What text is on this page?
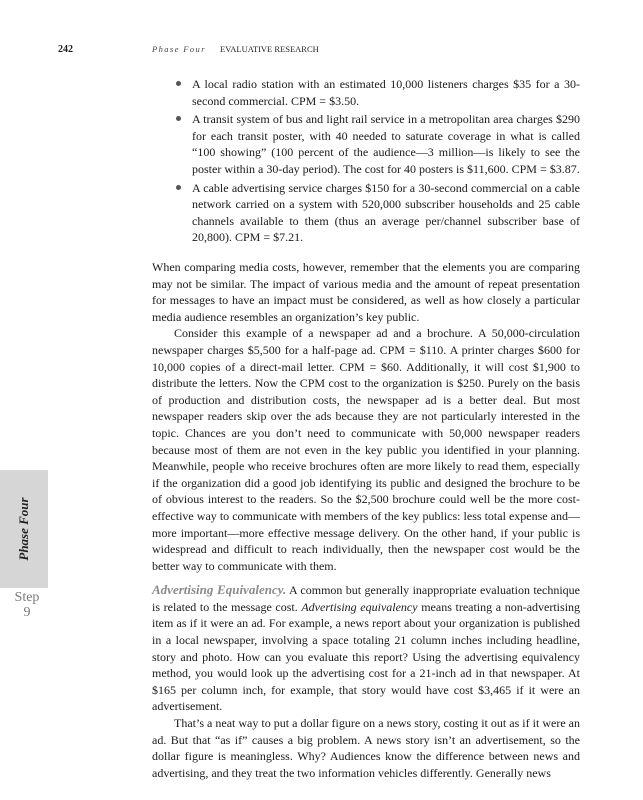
242	Phase Four EVALUATIVE RESEARCH
A local radio station with an estimated 10,000 listeners charges $35 for a 30-second commercial. CPM = $3.50.
A transit system of bus and light rail service in a metropolitan area charges $290 for each transit poster, with 40 needed to saturate coverage in what is called “100 showing” (100 percent of the audience—3 million—is likely to see the poster within a 30-day period). The cost for 40 posters is $11,600. CPM = $3.87.
A cable advertising service charges $150 for a 30-second commercial on a cable network carried on a system with 520,000 subscriber households and 25 cable channels available to them (thus an average per/channel subscriber base of 20,800). CPM = $7.21.

When comparing media costs, however, remember that the elements you are comparing may not be similar. The impact of various media and the amount of repeat presentation for messages to have an impact must be considered, as well as how closely a particular media audience resembles an organization’s key public.

Consider this example of a newspaper ad and a brochure. A 50,000-circulation newspaper charges $5,500 for a half-page ad. CPM = $110. A printer charges $600 for 10,000 copies of a direct-mail letter. CPM = $60. Additionally, it will cost $1,900 to distribute the letters. Now the CPM cost to the organization is $250. Purely on the basis of production and distribution costs, the newspaper ad is a better deal. But most newspaper readers skip over the ads because they are not particularly interested in the topic. Chances are you don’t need to communicate with 50,000 newspaper readers because most of them are not even in the key public you identified in your planning. Meanwhile, people who receive brochures often are more likely to read them, especially if the organization did a good job identifying its public and designed the brochure to be of obvious interest to the readers. So the $2,500 brochure could well be the more cost-effective way to communicate with members of the key publics: less total expense and—more important—more effective message delivery. On the other hand, if your public is widespread and difficult to reach individually, then the newspaper cost would be the better way to communicate with them.

Advertising Equivalency. A common but generally inappropriate evaluation technique is related to the message cost. Advertising equivalency means treating a non-advertising item as if it were an ad. For example, a news report about your organization is published in a local newspaper, involving a space totaling 21 column inches including headline, story and photo. How can you evaluate this report? Using the advertising equivalency method, you would look up the advertising cost for a 21-inch ad in that newspaper. At $165 per column inch, for example, that story would have cost $3,465 if it were an advertisement.

That’s a neat way to put a dollar figure on a news story, costing it out as if it were an ad. But that “as if” causes a big problem. A news story isn’t an advertisement, so the dollar figure is meaningless. Why? Audiences know the difference between news and advertising, and they treat the two information vehicles differently. Generally news

Phase Four
Step
9
